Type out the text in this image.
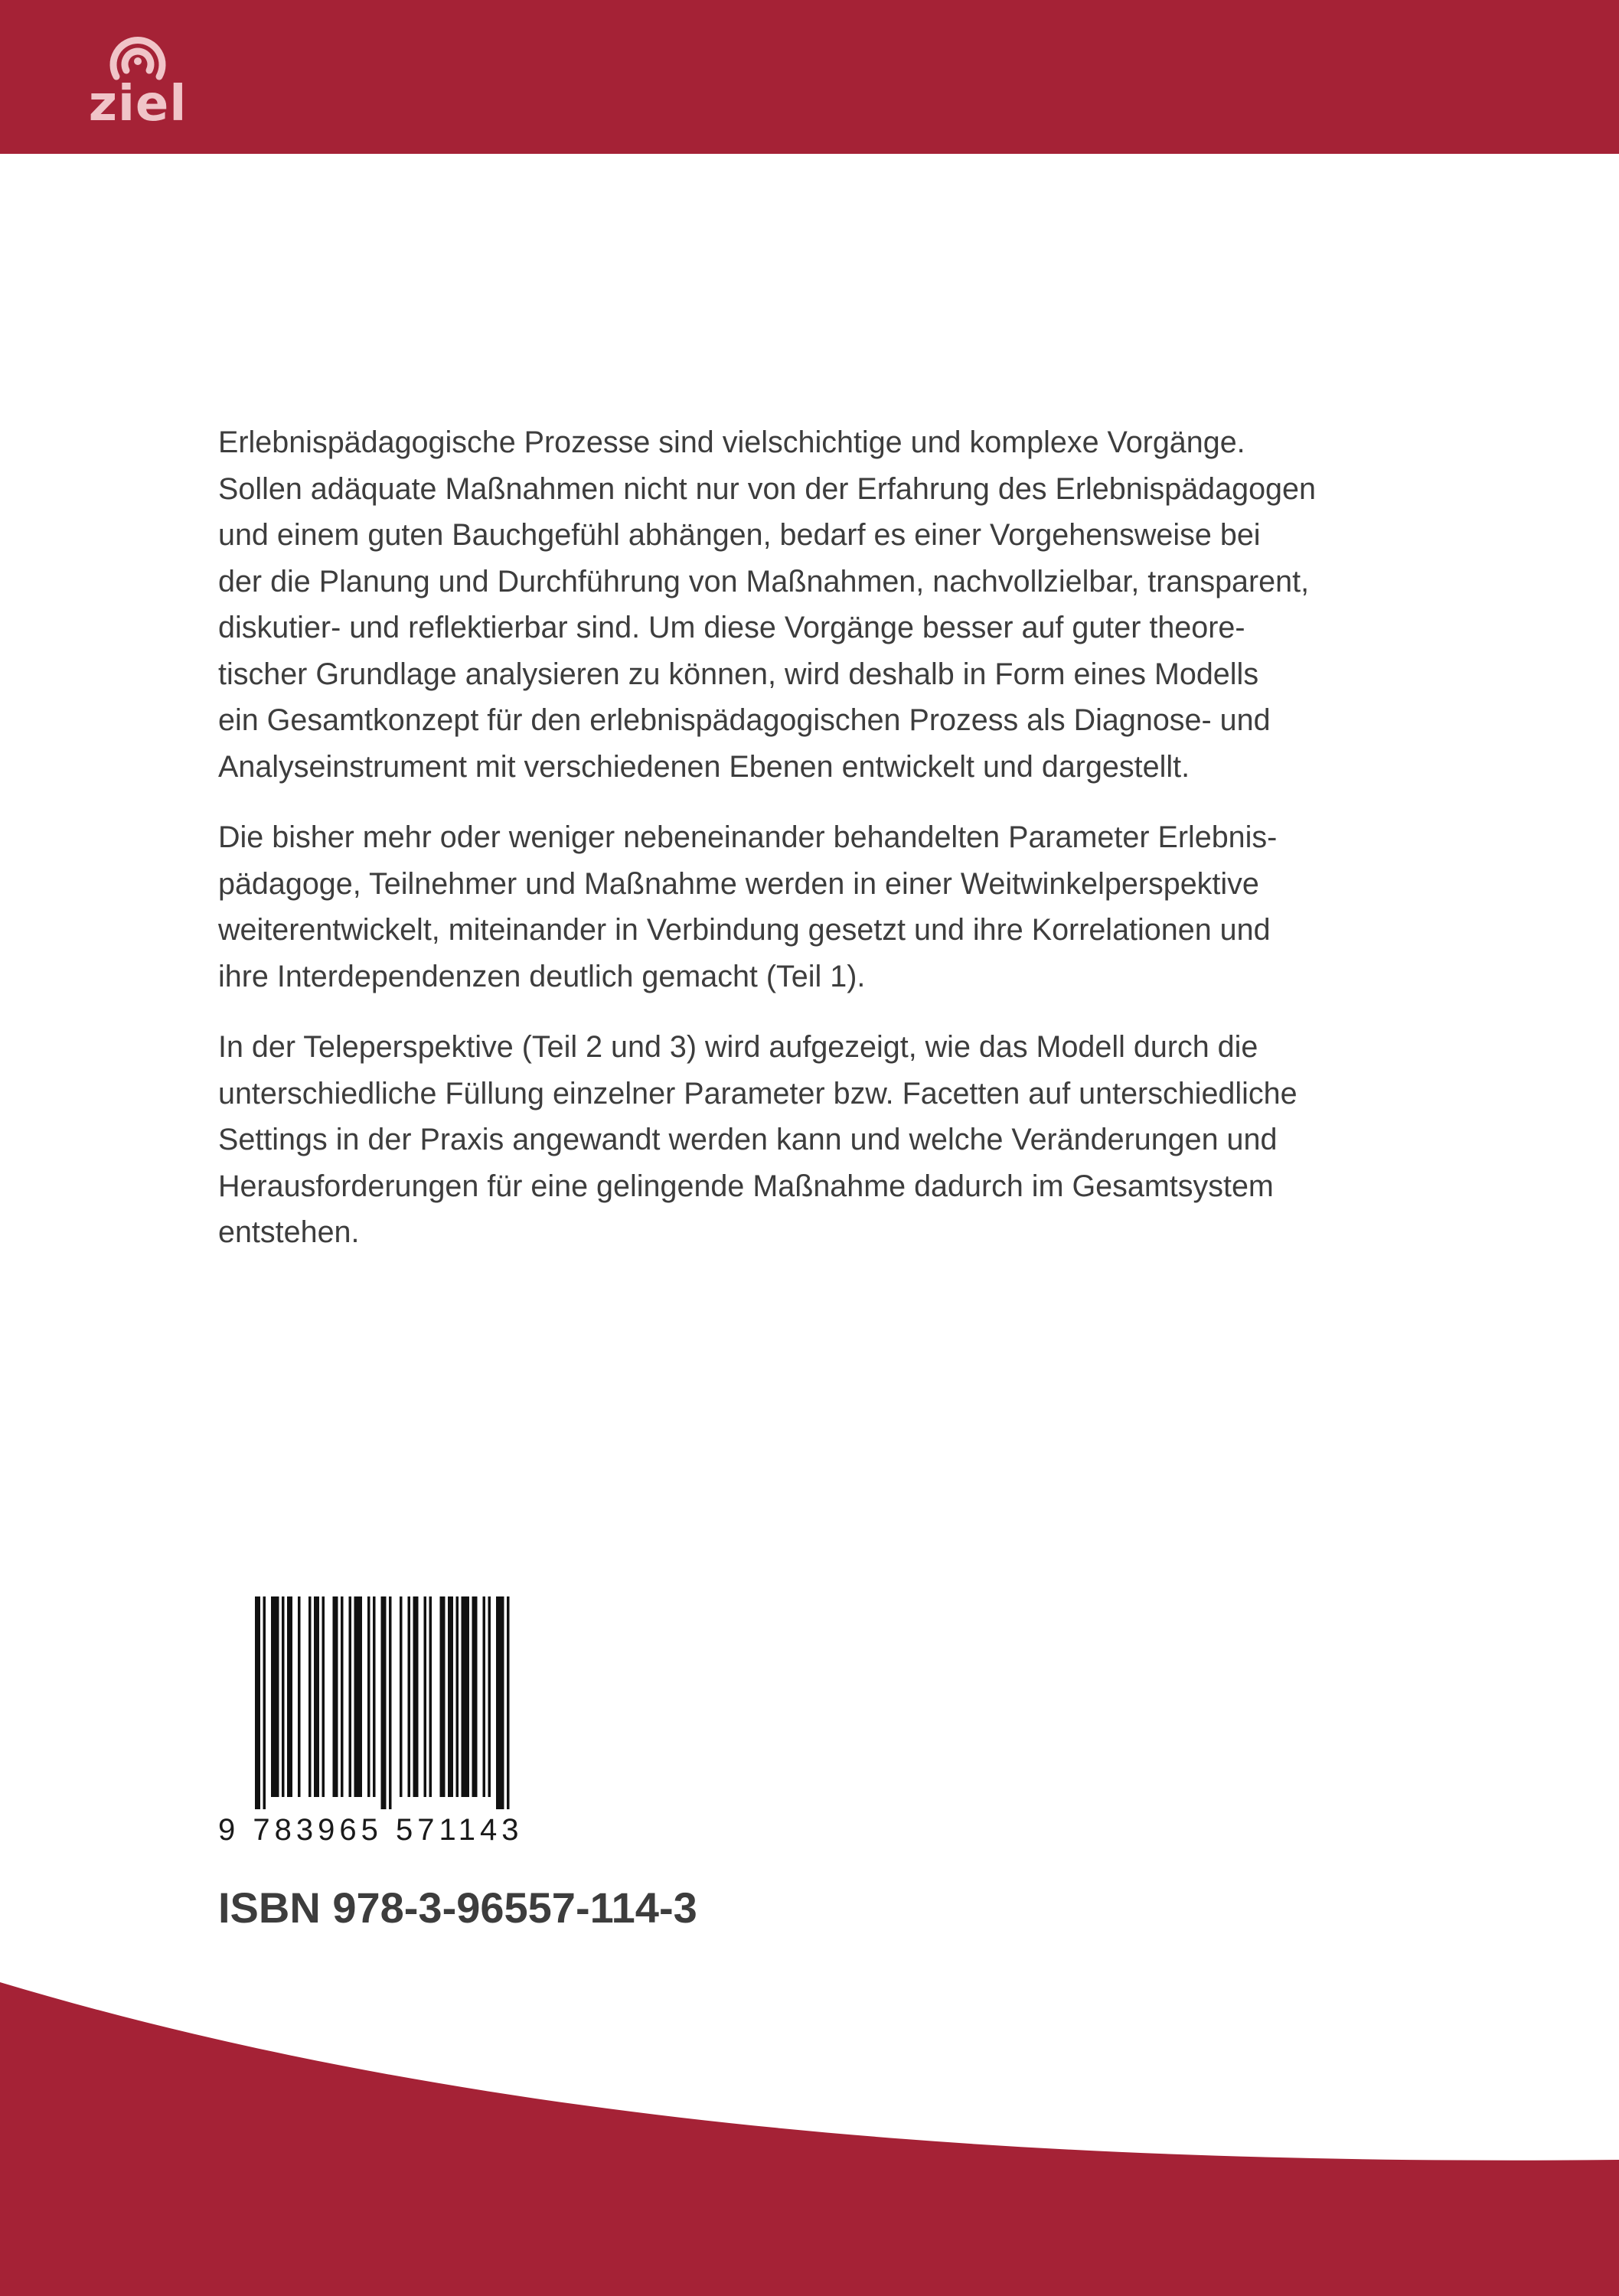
ziel

Erlebnispädagogische Prozesse sind vielschichtige und komplexe Vorgänge.
Sollen adäquate Maßnahmen nicht nur von der Erfahrung des Erlebnispädagogen
und einem guten Bauchgefühl abhängen, bedarf es einer Vorgehensweise bei
der die Planung und Durchführung von Maßnahmen, nachvollzielbar, transparent,
diskutier- und reflektierbar sind. Um diese Vorgänge besser auf guter theore-
tischer Grundlage analysieren zu können, wird deshalb in Form eines Modells
ein Gesamtkonzept für den erlebnispädagogischen Prozess als Diagnose- und
Analyseinstrument mit verschiedenen Ebenen entwickelt und dargestellt.

Die bisher mehr oder weniger nebeneinander behandelten Parameter Erlebnis-
pädagoge, Teilnehmer und Maßnahme werden in einer Weitwinkelperspektive
weiterentwickelt, miteinander in Verbindung gesetzt und ihre Korrelationen und
ihre Interdependenzen deutlich gemacht (Teil 1).

In der Teleperspektive (Teil 2 und 3) wird aufgezeigt, wie das Modell durch die
unterschiedliche Füllung einzelner Parameter bzw. Facetten auf unterschiedliche
Settings in der Praxis angewandt werden kann und welche Veränderungen und
Herausforderungen für eine gelingende Maßnahme dadurch im Gesamtsystem
entstehen.

9 783965 571143
ISBN 978-3-96557-114-3
